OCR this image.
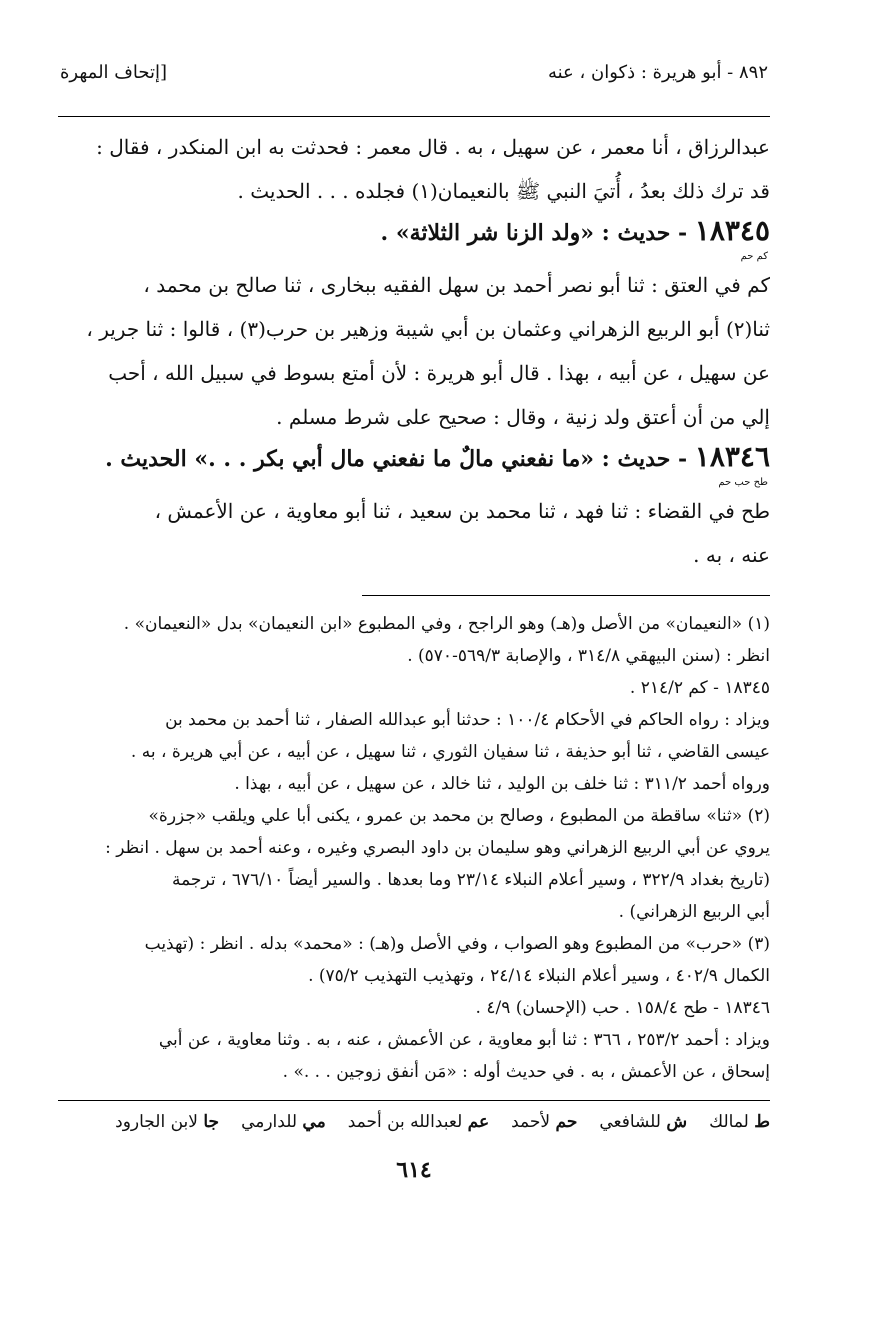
٨٩٢ - أبو هريرة : ذكوان ، عنه
[إتحاف المهرة
عبدالرزاق ، أنا معمر ، عن سهيل ، به . قال معمر : فحدثت به ابن المنكدر ، فقال :
قد ترك ذلك بعدُ ، أُتيَ النبي ﷺ بالنعيمان(١) فجلده . . . الحديث .
١٨٣٤٥ - حديث : «ولد الزنا شر الثلاثة» .
كم حم
كم في العتق : ثنا أبو نصر أحمد بن سهل الفقيه ببخارى ، ثنا صالح بن محمد ،
ثنا(٢) أبو الربيع الزهراني وعثمان بن أبي شيبة وزهير بن حرب(٣) ، قالوا : ثنا جرير ،
عن سهيل ، عن أبيه ، بهذا . قال أبو هريرة : لأن أمتع بسوط في سبيل الله ، أحب
إلي من أن أعتق ولد زنية ، وقال : صحيح على شرط مسلم .
١٨٣٤٦ - حديث : «ما نفعني مالٌ ما نفعني مال أبي بكر . . .» الحديث .
طح حب حم
طح في القضاء : ثنا فهد ، ثنا محمد بن سعيد ، ثنا أبو معاوية ، عن الأعمش ،
عنه ، به .
(١) «النعيمان» من الأصل و(هـ) وهو الراجح ، وفي المطبوع «ابن النعيمان» بدل «النعيمان» .
انظر : (سنن البيهقي ٣١٤/٨ ، والإصابة ٥٦٩/٣-٥٧٠) .
١٨٣٤٥ - كم ٢١٤/٢ .
ويزاد : رواه الحاكم في الأحكام ١٠٠/٤ : حدثنا أبو عبدالله الصفار ، ثنا أحمد بن محمد بن
عيسى القاضي ، ثنا أبو حذيفة ، ثنا سفيان الثوري ، ثنا سهيل ، عن أبيه ، عن أبي هريرة ، به .
ورواه أحمد ٣١١/٢ : ثنا خلف بن الوليد ، ثنا خالد ، عن سهيل ، عن أبيه ، بهذا .
(٢) «ثنا» ساقطة من المطبوع ، وصالح بن محمد بن عمرو ، يكنى أبا علي ويلقب «جزرة»
يروي عن أبي الربيع الزهراني وهو سليمان بن داود البصري وغيره ، وعنه أحمد بن سهل . انظر :
(تاريخ بغداد ٣٢٢/٩ ، وسير أعلام النبلاء ٢٣/١٤ وما بعدها . والسير أيضاً ٦٧٦/١٠ ، ترجمة
أبي الربيع الزهراني) .
(٣) «حرب» من المطبوع وهو الصواب ، وفي الأصل و(هـ) : «محمد» بدله . انظر : (تهذيب
الكمال ٤٠٢/٩ ، وسير أعلام النبلاء ٢٤/١٤ ، وتهذيب التهذيب ٧٥/٢) .
١٨٣٤٦ - طح ١٥٨/٤ . حب (الإحسان) ٤/٩ .
ويزاد : أحمد ٢٥٣/٢ ، ٣٦٦ : ثنا أبو معاوية ، عن الأعمش ، عنه ، به . وثنا معاوية ، عن أبي
إسحاق ، عن الأعمش ، به . في حديث أوله : «مَن أنفق زوجين . . .» .
ط لمالك
ش للشافعي
حم لأحمد
عم لعبدالله بن أحمد
مي للدارمي
جا لابن الجارود
٦١٤
